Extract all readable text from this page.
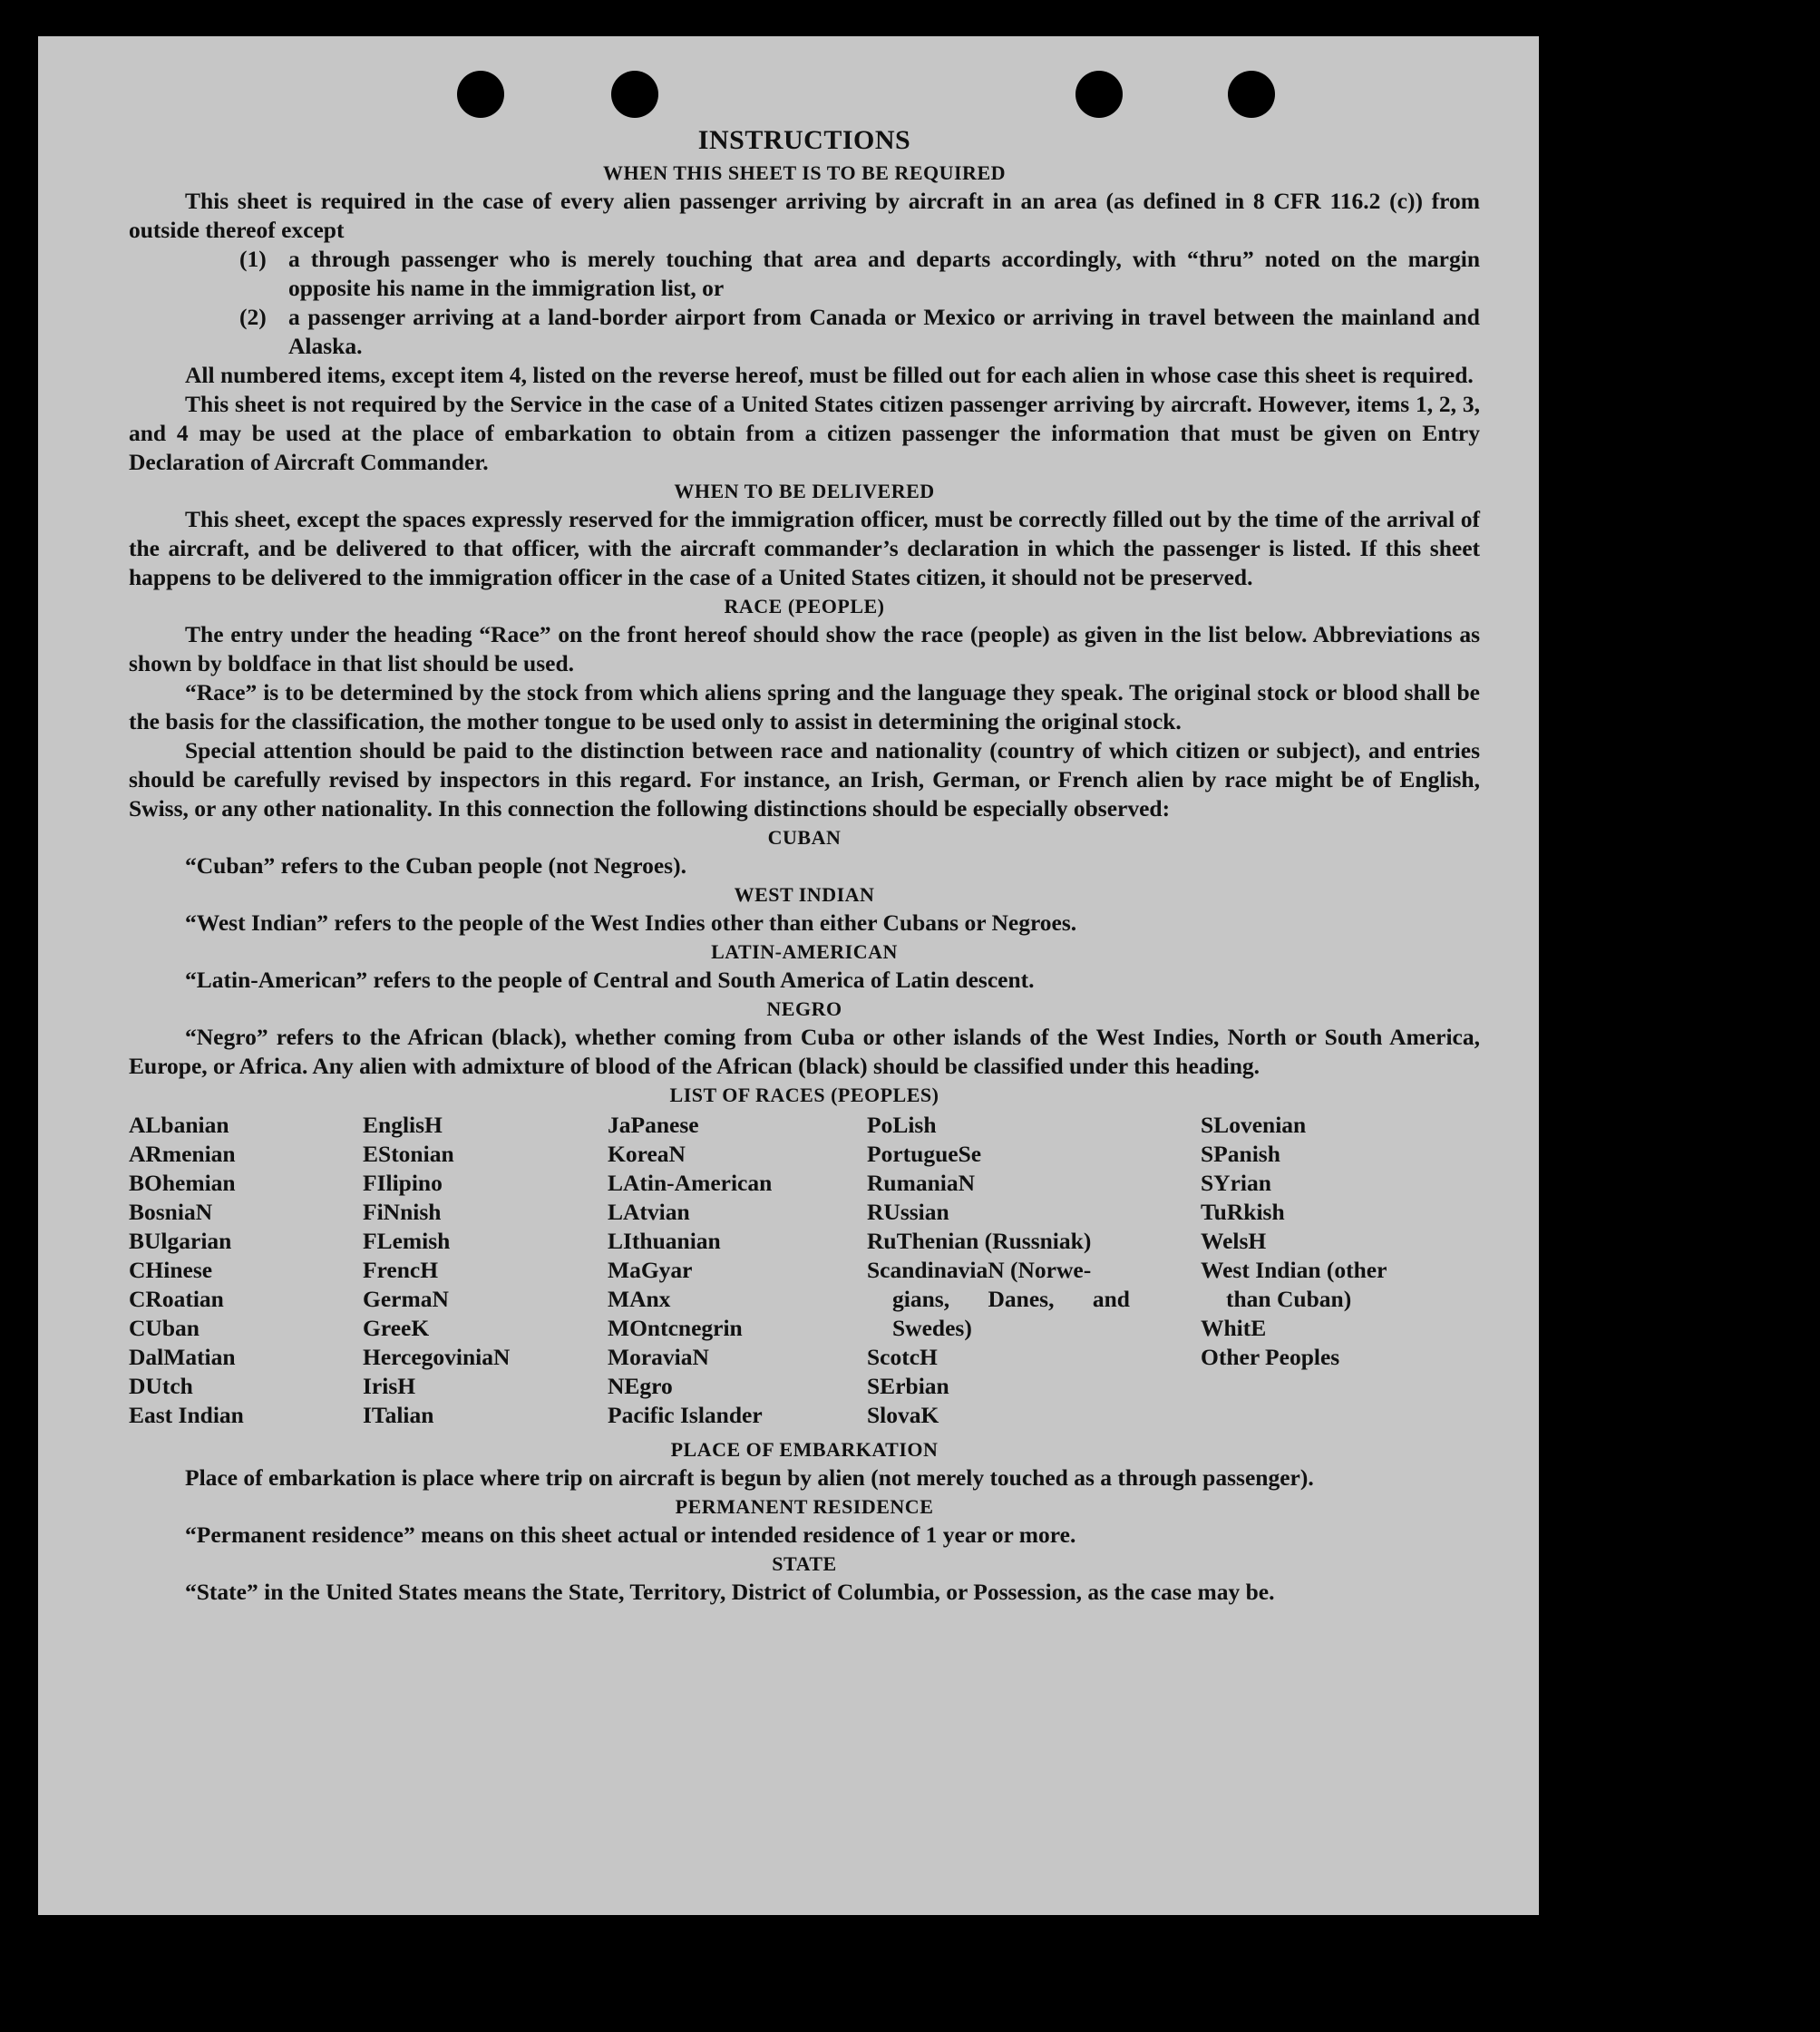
INSTRUCTIONS
WHEN THIS SHEET IS TO BE REQUIRED

This sheet is required in the case of every alien passenger arriving by aircraft in an area (as defined in 8 CFR 116.2 (c)) from outside thereof except

(1) a through passenger who is merely touching that area and departs accordingly, with “thru” noted on the margin opposite his name in the immigration list, or
(2) a passenger arriving at a land-border airport from Canada or Mexico or arriving in travel between the mainland and Alaska.

All numbered items, except item 4, listed on the reverse hereof, must be filled out for each alien in whose case this sheet is required.

This sheet is not required by the Service in the case of a United States citizen passenger arriving by aircraft. However, items 1, 2, 3, and 4 may be used at the place of embarkation to obtain from a citizen passenger the information that must be given on Entry Declaration of Aircraft Commander.

WHEN TO BE DELIVERED

This sheet, except the spaces expressly reserved for the immigration officer, must be correctly filled out by the time of the arrival of the aircraft, and be delivered to that officer, with the aircraft commander’s declaration in which the passenger is listed. If this sheet happens to be delivered to the immigration officer in the case of a United States citizen, it should not be preserved.

RACE (PEOPLE)

The entry under the heading “Race” on the front hereof should show the race (people) as given in the list below. Abbreviations as shown by boldface in that list should be used.

“Race” is to be determined by the stock from which aliens spring and the language they speak. The original stock or blood shall be the basis for the classification, the mother tongue to be used only to assist in determining the original stock.

Special attention should be paid to the distinction between race and nationality (country of which citizen or subject), and entries should be carefully revised by inspectors in this regard. For instance, an Irish, German, or French alien by race might be of English, Swiss, or any other nationality. In this connection the following distinctions should be especially observed:

CUBAN

“Cuban” refers to the Cuban people (not Negroes).

WEST INDIAN

“West Indian” refers to the people of the West Indies other than either Cubans or Negroes.

LATIN-AMERICAN

“Latin-American” refers to the people of Central and South America of Latin descent.

NEGRO

“Negro” refers to the African (black), whether coming from Cuba or other islands of the West Indies, North or South America, Europe, or Africa. Any alien with admixture of blood of the African (black) should be classified under this heading.

LIST OF RACES (PEOPLES)
ALbanian
ARmenian
BOhemian
BosniaN
BUlgarian
CHinese
CRoatian
CUban
DalMatian
DUtch
East Indian
EnglisH
EStonian
FIlipino
FiNnish
FLemish
FrencH
GermaN
GreeK
HercegoviniaN
IrisH
ITalian
JaPanese
KoreaN
LAtin-American
LAtvian
LIthuanian
MaGyar
MAnx
MOntcnegrin
MoraviaN
NEgro
Pacific Islander
PoLish
PortugueSe
RumaniaN
RUssian
RuThenian (Russniak)
ScandinaviaN (Norwe-
gians, Danes, and
Swedes)
ScotcH
SErbian
SlovaK
SLovenian
SPanish
SYrian
TuRkish
WelsH
West Indian (other
than Cuban)
WhitE
Other Peoples
PLACE OF EMBARKATION

Place of embarkation is place where trip on aircraft is begun by alien (not merely touched as a through passenger).

PERMANENT RESIDENCE

“Permanent residence” means on this sheet actual or intended residence of 1 year or more.

STATE

“State” in the United States means the State, Territory, District of Columbia, or Possession, as the case may be.
